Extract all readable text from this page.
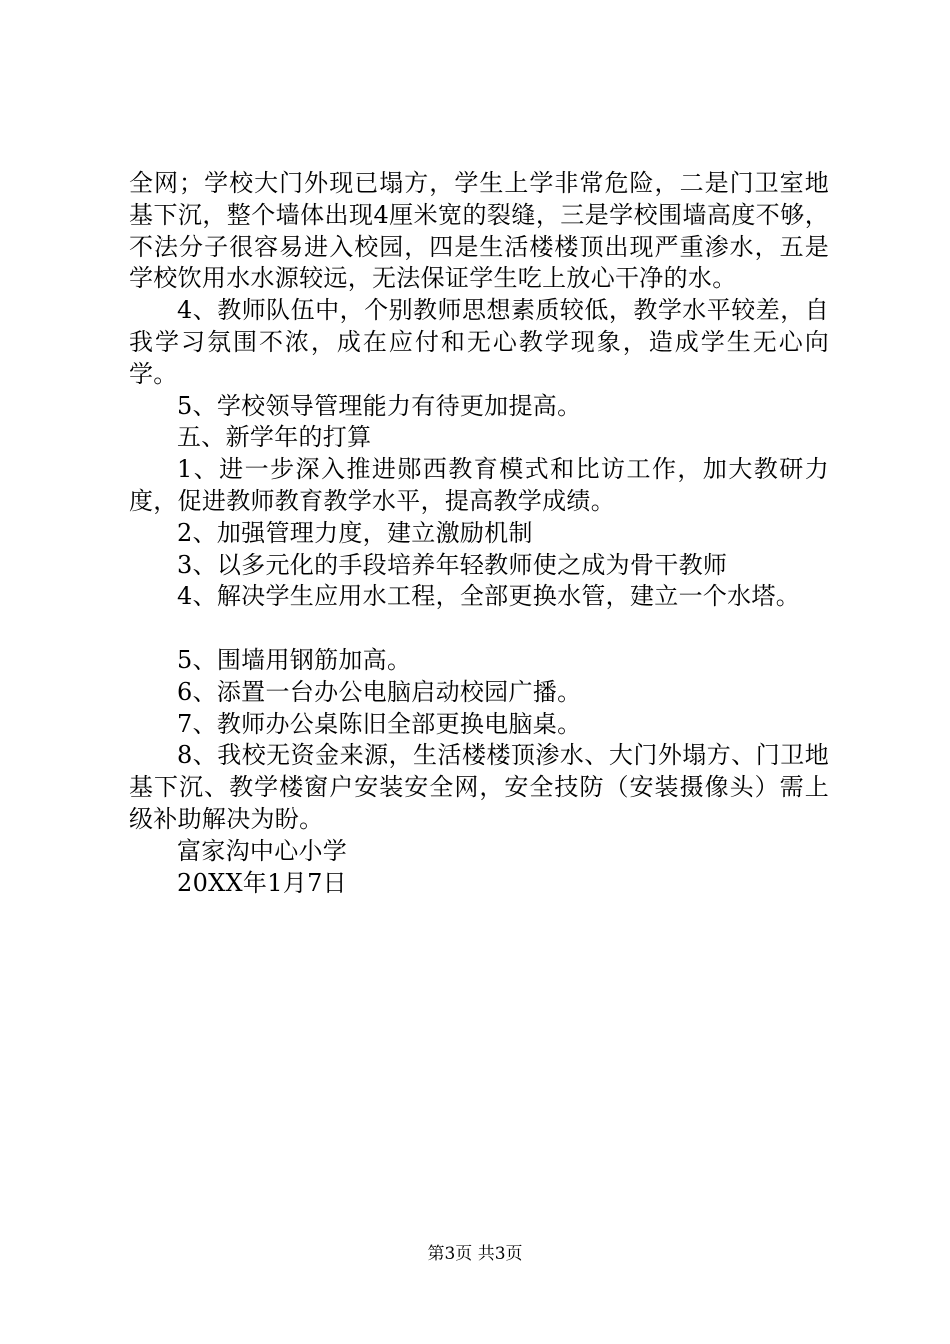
全网；学校大门外现已塌方，学生上学非常危险，二是门卫室地基下沉，整个墙体出现4厘米宽的裂缝，三是学校围墙高度不够，不法分子很容易进入校园，四是生活楼楼顶出现严重渗水，五是学校饮用水水源较远，无法保证学生吃上放心干净的水。

4、教师队伍中，个别教师思想素质较低，教学水平较差，自我学习氛围不浓，成在应付和无心教学现象，造成学生无心向学。

5、学校领导管理能力有待更加提高。

五、新学年的打算

1、进一步深入推进郧西教育模式和比访工作，加大教研力度，促进教师教育教学水平，提高教学成绩。

2、加强管理力度，建立激励机制

3、以多元化的手段培养年轻教师使之成为骨干教师

4、解决学生应用水工程，全部更换水管，建立一个水塔。

5、围墙用钢筋加高。

6、添置一台办公电脑启动校园广播。

7、教师办公桌陈旧全部更换电脑桌。

8、我校无资金来源，生活楼楼顶渗水、大门外塌方、门卫地基下沉、教学楼窗户安装安全网，安全技防（安装摄像头）需上级补助解决为盼。

富家沟中心小学

20XX年1月7日

第3页 共3页
